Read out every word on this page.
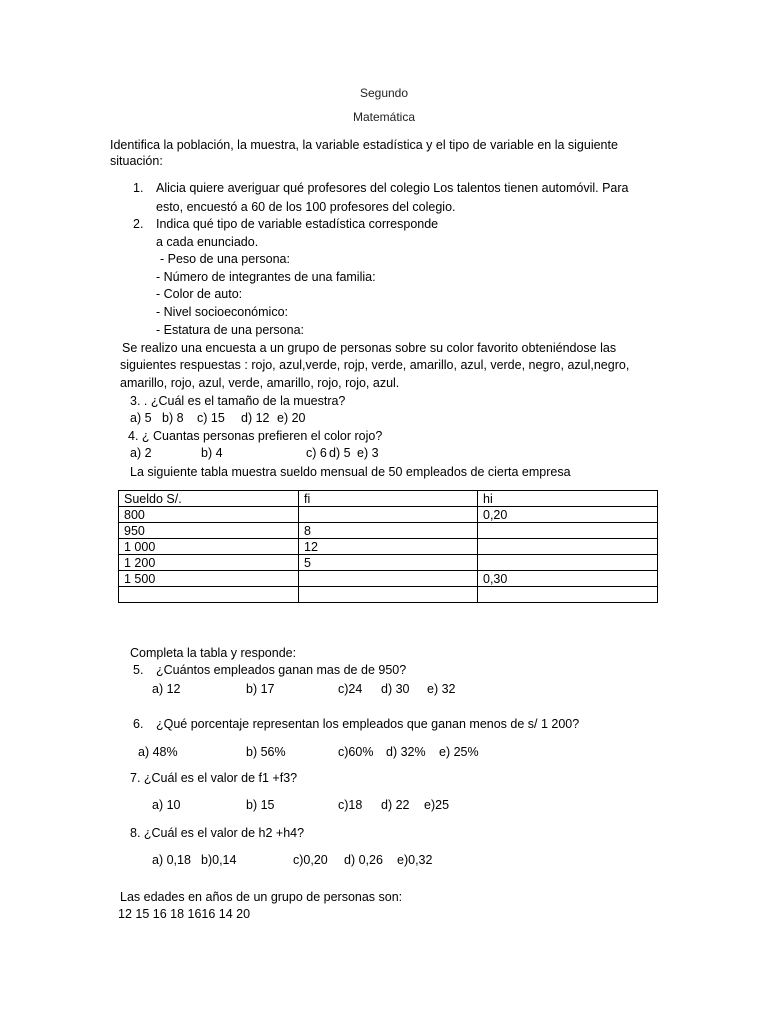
Segundo
Matemática
Identifica la población, la muestra, la variable estadística y el tipo de variable en la siguiente
situación:
1. Alicia quiere averiguar qué profesores del colegio Los talentos tienen automóvil. Para
esto, encuestó a 60 de los 100 profesores del colegio.
2. Indica qué tipo de variable estadística corresponde
a cada enunciado.
- Peso de una persona:
- Número de integrantes de una familia:
- Color de auto:
- Nivel socioeconómico:
- Estatura de una persona:
Se realizo una encuesta a un grupo de personas sobre su color favorito obteniéndose las
siguientes respuestas : rojo, azul,verde, rojp, verde, amarillo, azul, verde, negro, azul,negro,
amarillo, rojo, azul, verde, amarillo, rojo, rojo, azul.
3. . ¿Cuál es el tamaño de la muestra?
a) 5 b) 8 c) 15 d) 12 e) 20
4. ¿ Cuantas personas prefieren el color rojo?
a) 2	b) 4	c) 6 d) 5 e) 3
La siguiente tabla muestra sueldo mensual de 50 empleados de cierta empresa
Sueldo S/.	fi	hi
800		0,20
950	8	
1 000	12	
1 200	5	
1 500		0,30

Completa la tabla y responde:
5. ¿Cuántos empleados ganan mas de de 950?
a) 12	b) 17	c)24 d) 30 e) 32
6. ¿Qué porcentaje representan los empleados que ganan menos de s/ 1 200?
a) 48%	b) 56%	c)60% d) 32% e) 25%
7. ¿Cuál es el valor de f1 +f3?
a) 10	b) 15	c)18 d) 22 e)25
8. ¿Cuál es el valor de h2 +h4?
a) 0,18 b)0,14	c)0,20 d) 0,26 e)0,32
Las edades en años de un grupo de personas son:
12 15 16 18 1616 14 20
